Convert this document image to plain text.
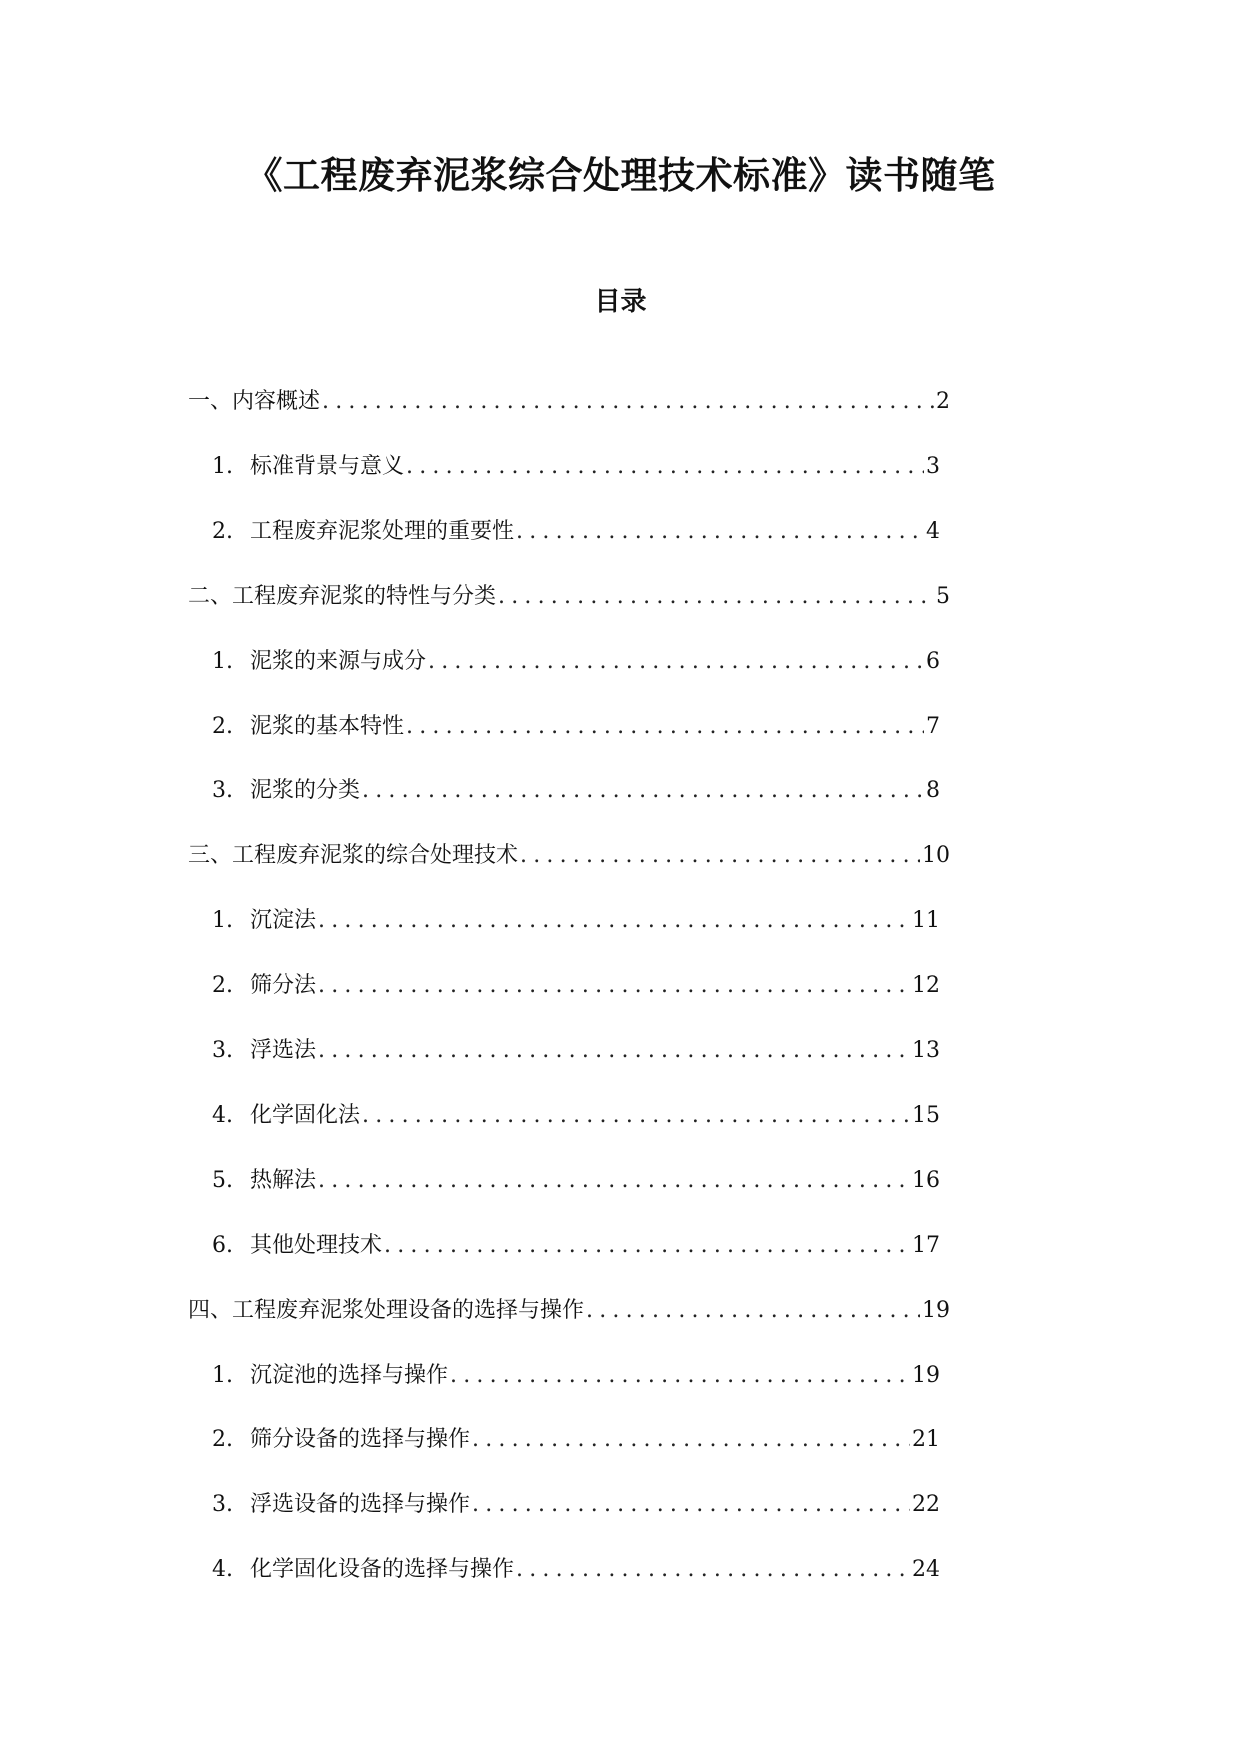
《工程废弃泥浆综合处理技术标准》读书随笔
目录
一、内容概述 .....	2
1. 标准背景与意义 .....	3
2. 工程废弃泥浆处理的重要性 .....	4
二、工程废弃泥浆的特性与分类 .....	5
1. 泥浆的来源与成分 .....	6
2. 泥浆的基本特性 .....	7
3. 泥浆的分类 .....	8
三、工程废弃泥浆的综合处理技术 .....	10
1. 沉淀法 .....	11
2. 筛分法 .....	12
3. 浮选法 .....	13
4. 化学固化法 .....	15
5. 热解法 .....	16
6. 其他处理技术 .....	17
四、工程废弃泥浆处理设备的选择与操作 .....	19
1. 沉淀池的选择与操作 .....	19
2. 筛分设备的选择与操作 .....	21
3. 浮选设备的选择与操作 .....	22
4. 化学固化设备的选择与操作 .....	24
